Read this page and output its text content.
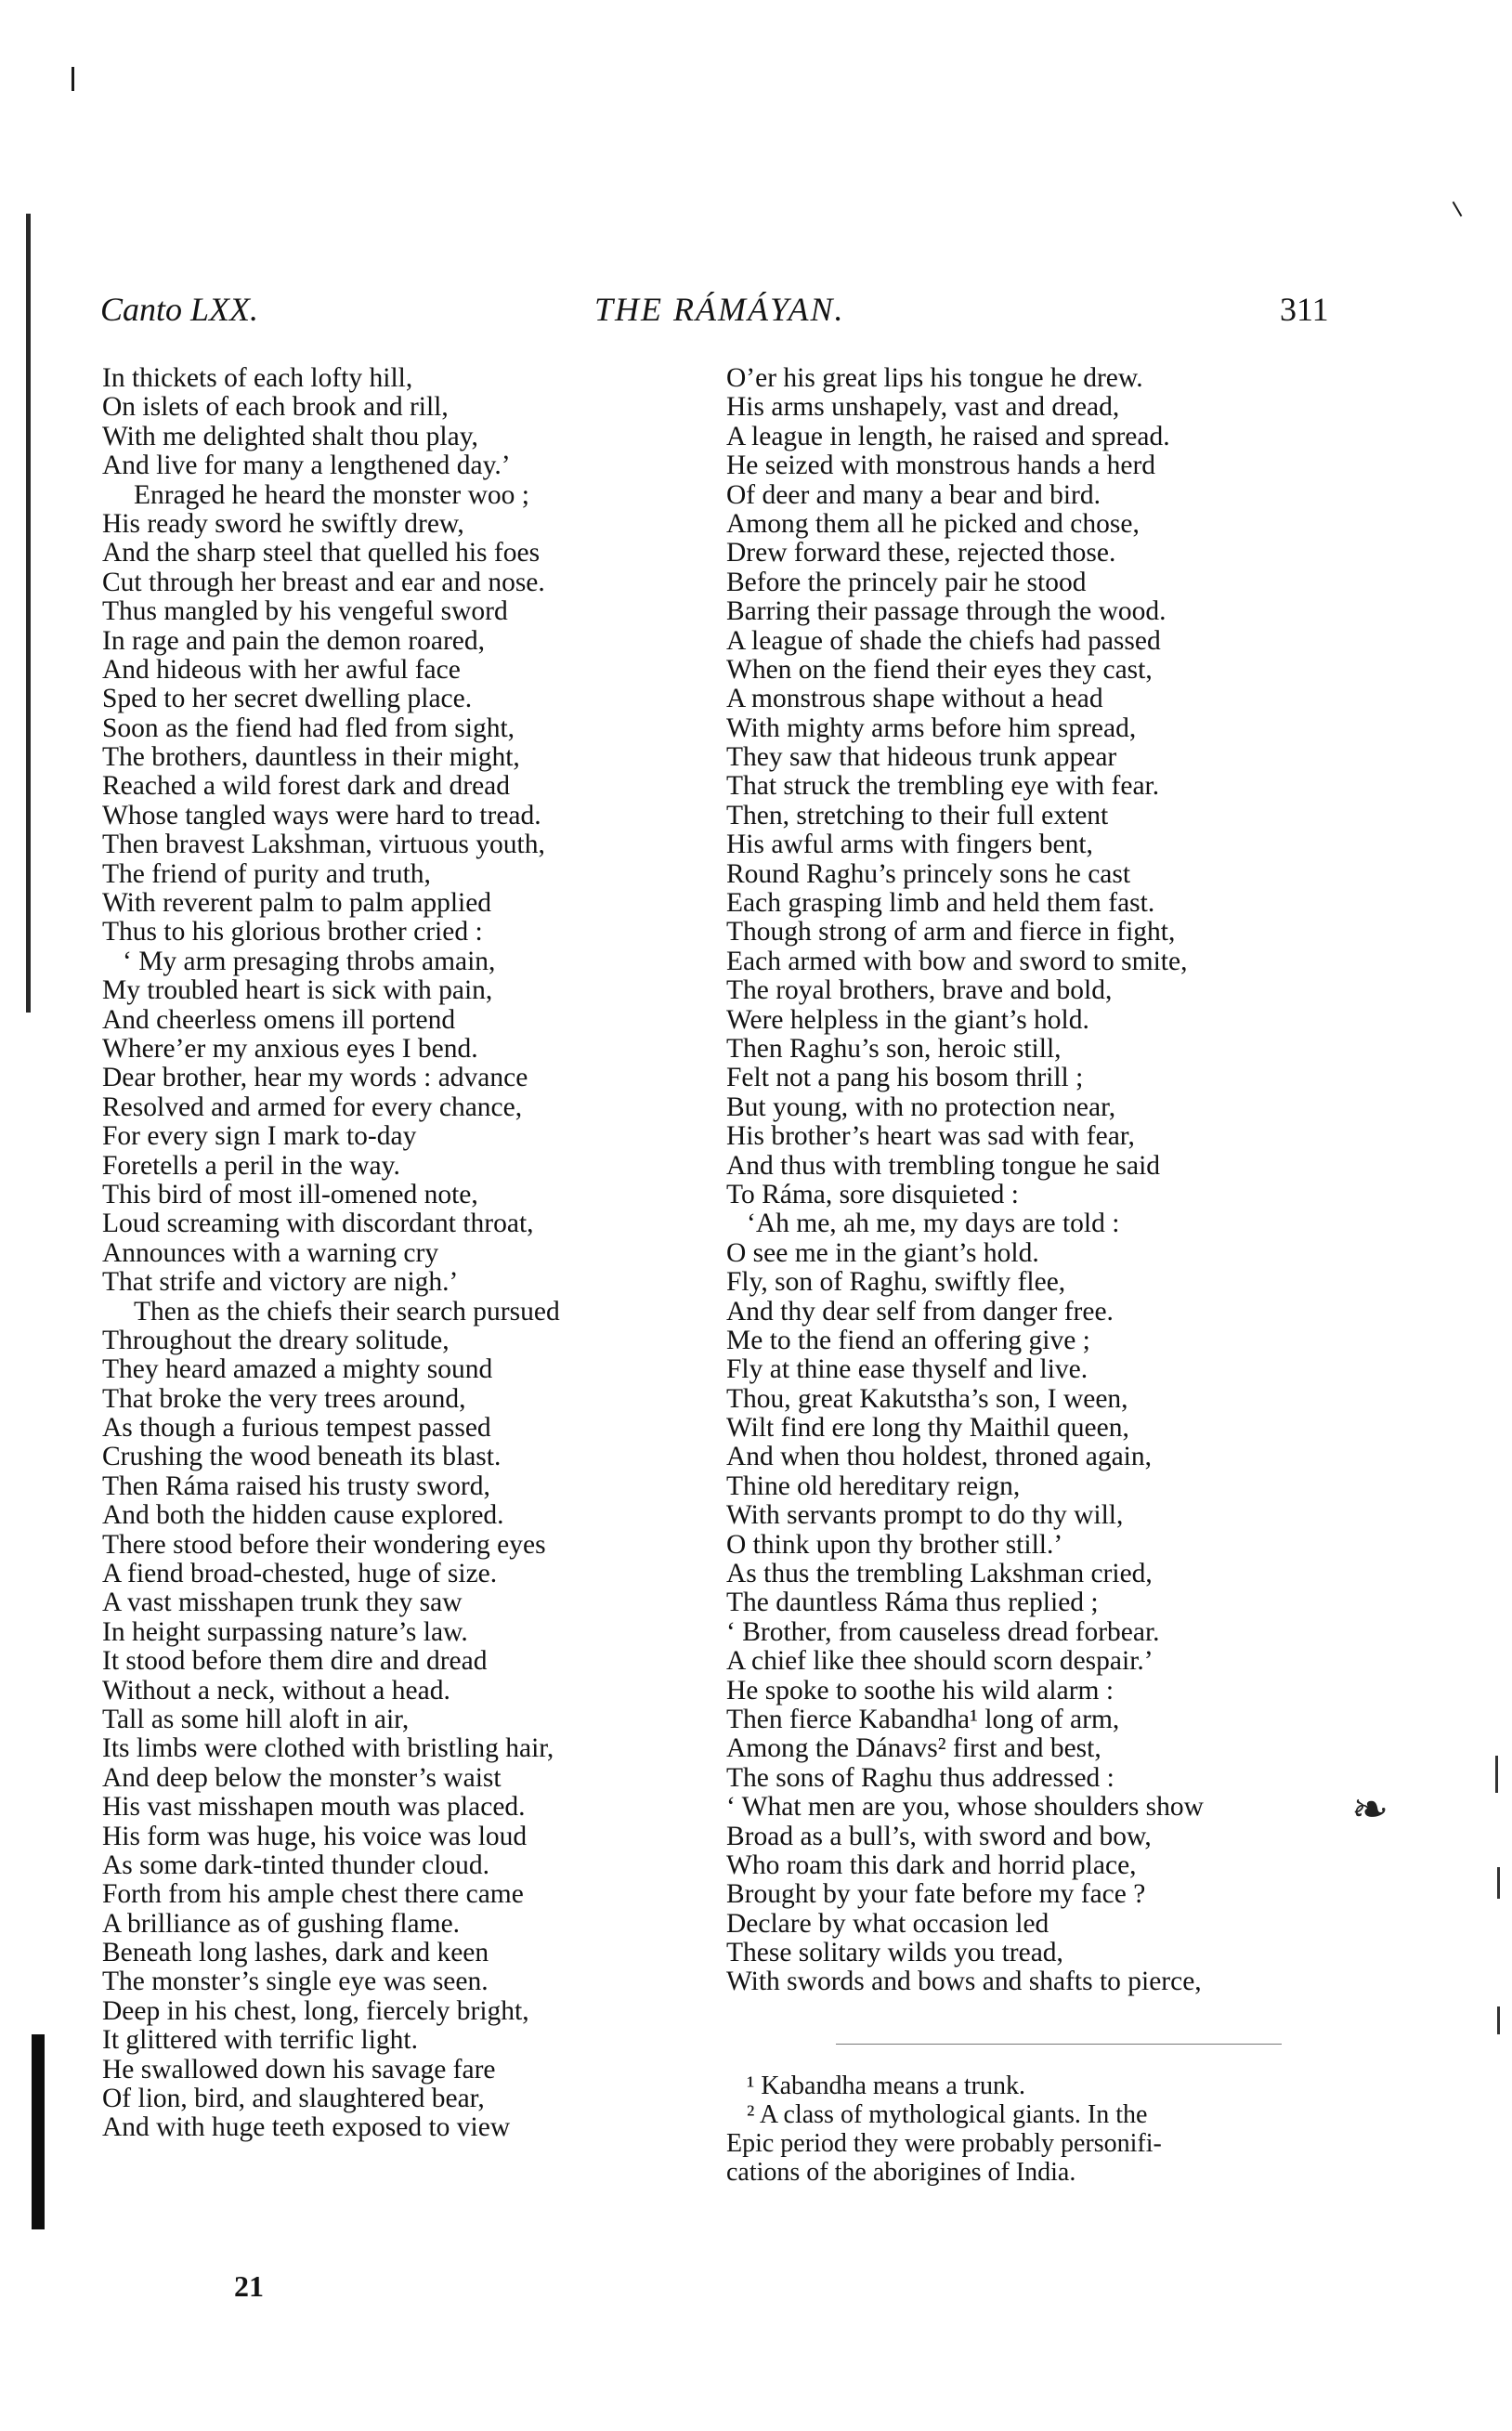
❧
Canto LXX.	THE RÁMÁYAN.	311
In thickets of each lofty hill,
On islets of each brook and rill,
With me delighted shalt thou play,
And live for many a lengthened day.’
Enraged he heard the monster woo ;
His ready sword he swiftly drew,
And the sharp steel that quelled his foes
Cut through her breast and ear and nose.
Thus mangled by his vengeful sword
In rage and pain the demon roared,
And hideous with her awful face
Sped to her secret dwelling place.
Soon as the fiend had fled from sight,
The brothers, dauntless in their might,
Reached a wild forest dark and dread
Whose tangled ways were hard to tread.
Then bravest Lakshman, virtuous youth,
The friend of purity and truth,
With reverent palm to palm applied
Thus to his glorious brother cried :
‘ My arm presaging throbs amain,
My troubled heart is sick with pain,
And cheerless omens ill portend
Where’er my anxious eyes I bend.
Dear brother, hear my words : advance
Resolved and armed for every chance,
For every sign I mark to-day
Foretells a peril in the way.
This bird of most ill-omened note,
Loud screaming with discordant throat,
Announces with a warning cry
That strife and victory are nigh.’
Then as the chiefs their search pursued
Throughout the dreary solitude,
They heard amazed a mighty sound
That broke the very trees around,
As though a furious tempest passed
Crushing the wood beneath its blast.
Then Ráma raised his trusty sword,
And both the hidden cause explored.
There stood before their wondering eyes
A fiend broad-chested, huge of size.
A vast misshapen trunk they saw
In height surpassing nature’s law.
It stood before them dire and dread
Without a neck, without a head.
Tall as some hill aloft in air,
Its limbs were clothed with bristling hair,
And deep below the monster’s waist
His vast misshapen mouth was placed.
His form was huge, his voice was loud
As some dark-tinted thunder cloud.
Forth from his ample chest there came
A brilliance as of gushing flame.
Beneath long lashes, dark and keen
The monster’s single eye was seen.
Deep in his chest, long, fiercely bright,
It glittered with terrific light.
He swallowed down his savage fare
Of lion, bird, and slaughtered bear,
And with huge teeth exposed to view
O’er his great lips his tongue he drew.
His arms unshapely, vast and dread,
A league in length, he raised and spread.
He seized with monstrous hands a herd
Of deer and many a bear and bird.
Among them all he picked and chose,
Drew forward these, rejected those.
Before the princely pair he stood
Barring their passage through the wood.
A league of shade the chiefs had passed
When on the fiend their eyes they cast,
A monstrous shape without a head
With mighty arms before him spread,
They saw that hideous trunk appear
That struck the trembling eye with fear.
Then, stretching to their full extent
His awful arms with fingers bent,
Round Raghu’s princely sons he cast
Each grasping limb and held them fast.
Though strong of arm and fierce in fight,
Each armed with bow and sword to smite,
The royal brothers, brave and bold,
Were helpless in the giant’s hold.
Then Raghu’s son, heroic still,
Felt not a pang his bosom thrill ;
But young, with no protection near,
His brother’s heart was sad with fear,
And thus with trembling tongue he said
To Ráma, sore disquieted :
‘Ah me, ah me, my days are told :
O see me in the giant’s hold.
Fly, son of Raghu, swiftly flee,
And thy dear self from danger free.
Me to the fiend an offering give ;
Fly at thine ease thyself and live.
Thou, great Kakutstha’s son, I ween,
Wilt find ere long thy Maithil queen,
And when thou holdest, throned again,
Thine old hereditary reign,
With servants prompt to do thy will,
O think upon thy brother still.’
As thus the trembling Lakshman cried,
The dauntless Ráma thus replied ;
‘ Brother, from causeless dread forbear.
A chief like thee should scorn despair.’
He spoke to soothe his wild alarm :
Then fierce Kabandha¹ long of arm,
Among the Dánavs² first and best,
The sons of Raghu thus addressed :
‘ What men are you, whose shoulders show
Broad as a bull’s, with sword and bow,
Who roam this dark and horrid place,
Brought by your fate before my face ?
Declare by what occasion led
These solitary wilds you tread,
With swords and bows and shafts to pierce,
¹ Kabandha means a trunk.
² A class of mythological giants. In the
Epic period they were probably personifi-
cations of the aborigines of India.
21
